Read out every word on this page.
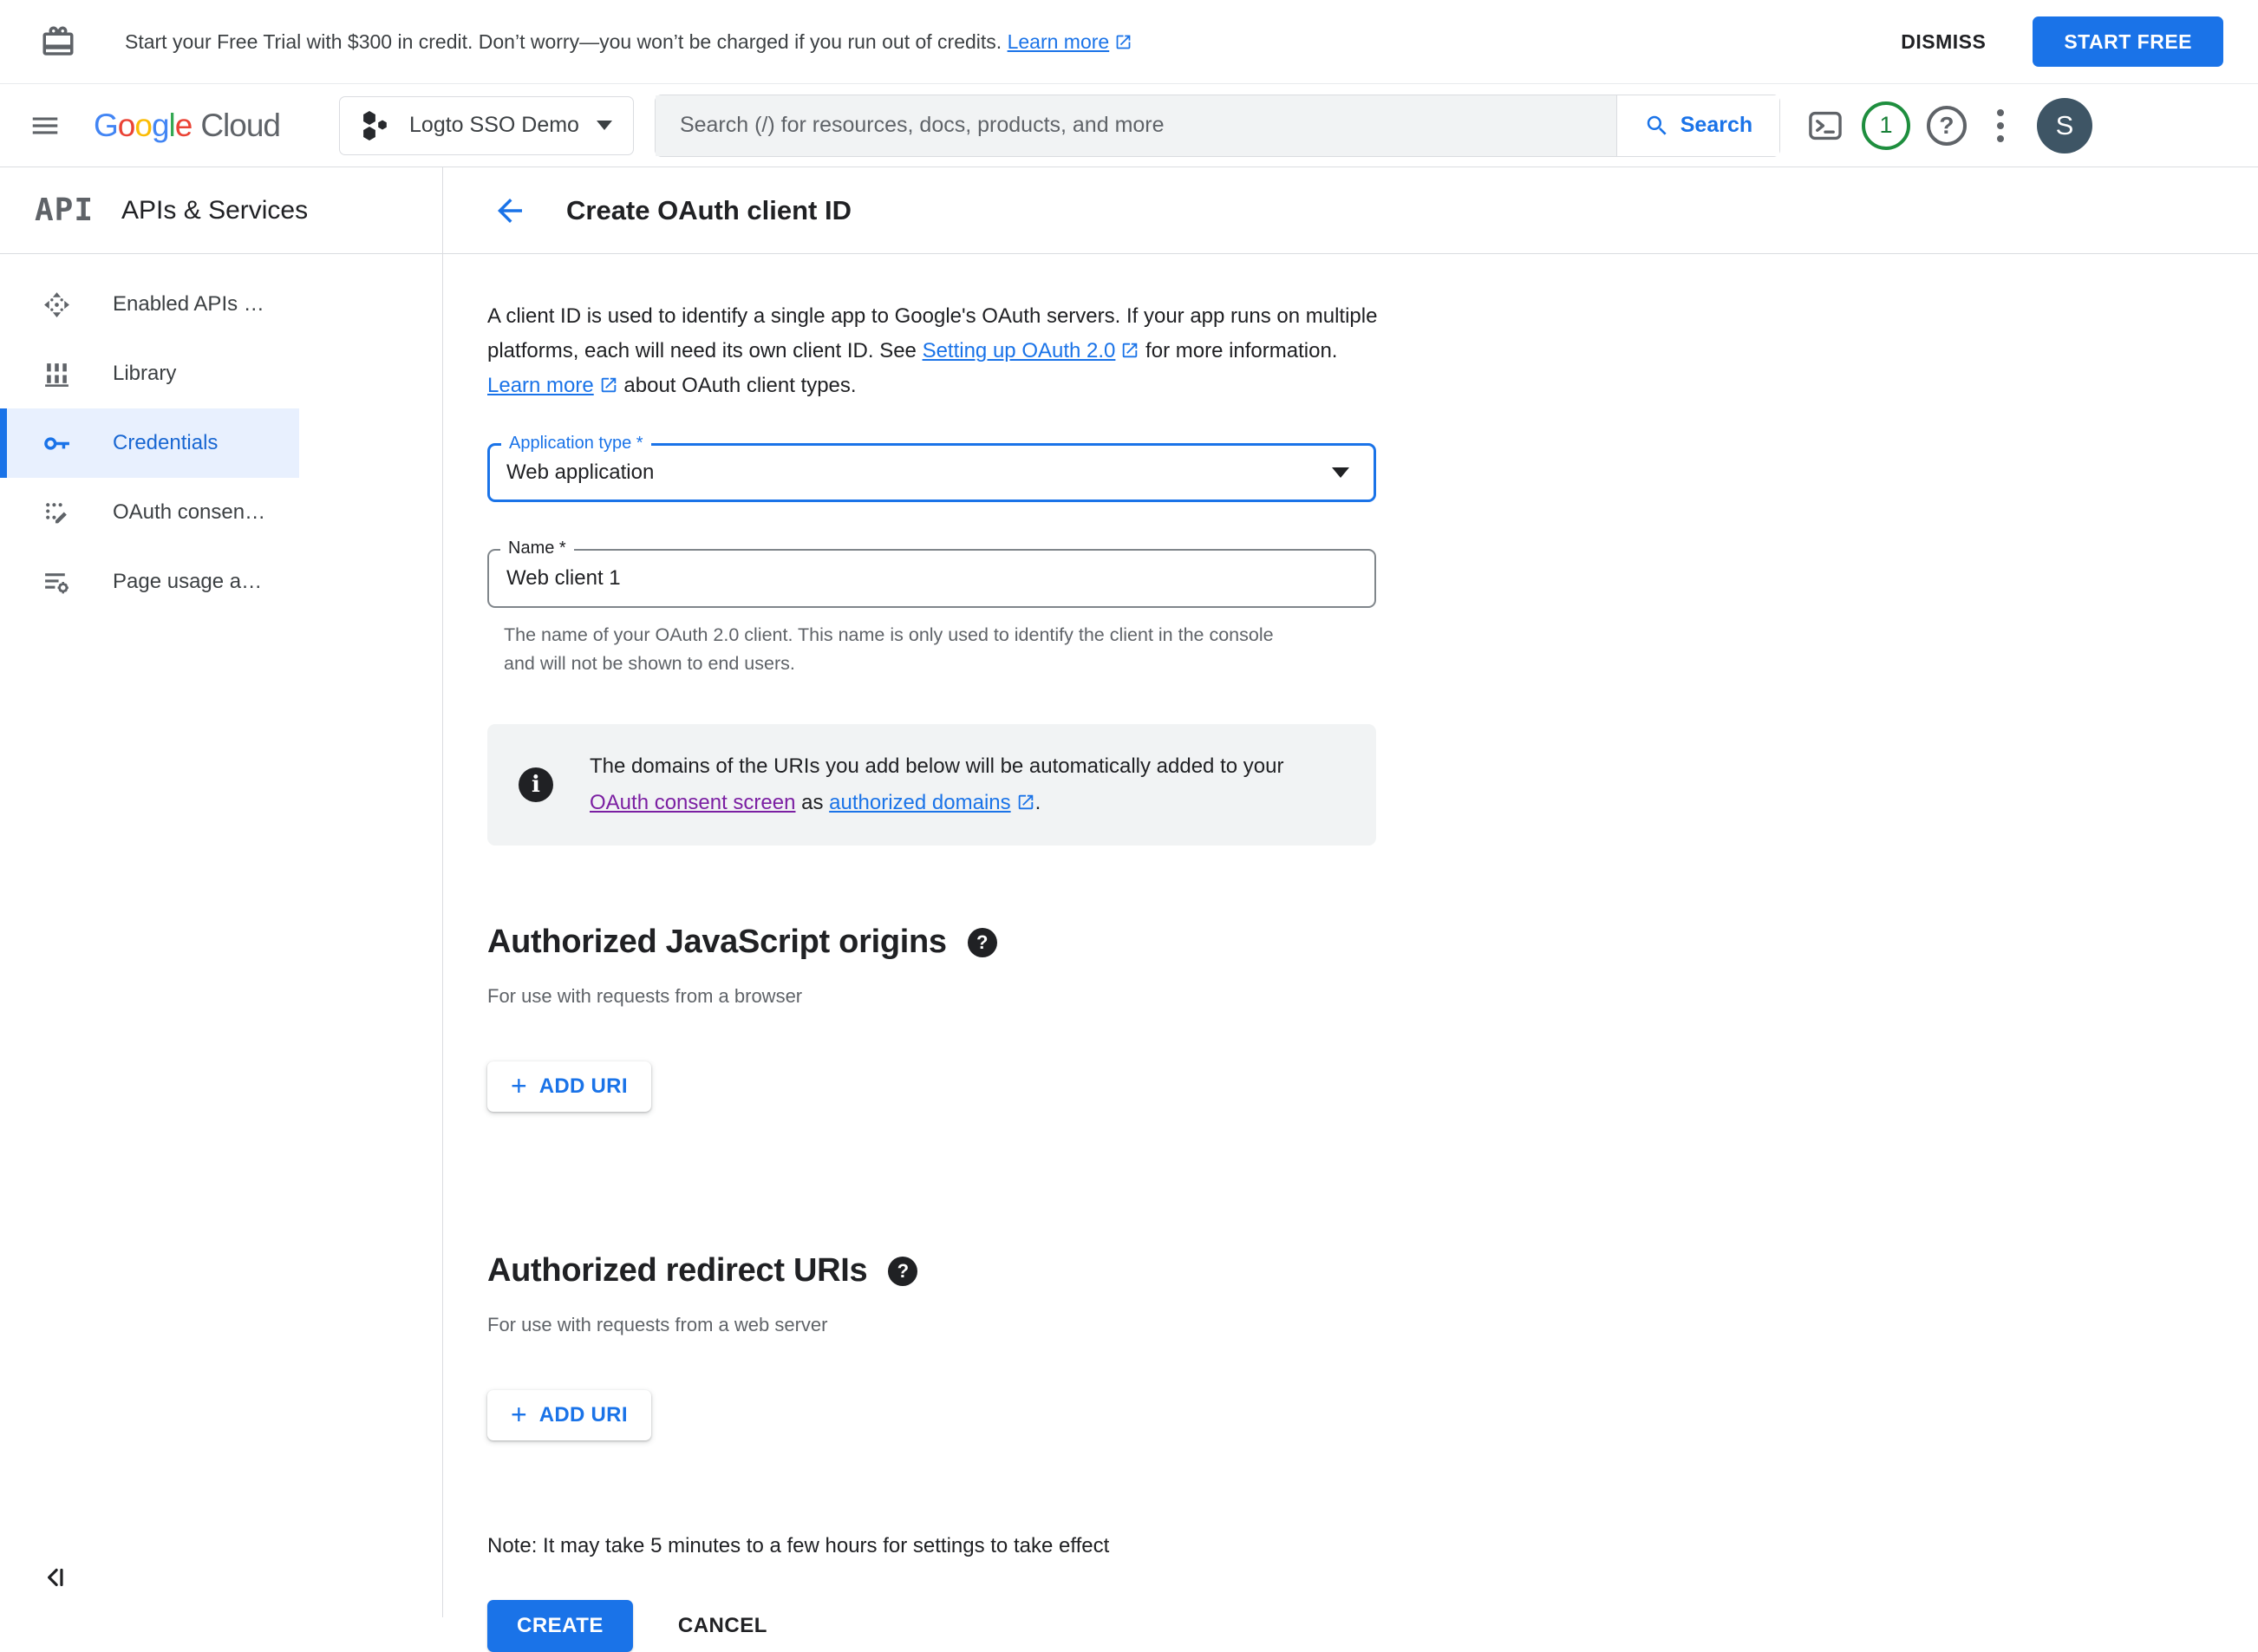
Start your Free Trial with $300 in credit. Don’t worry—you won’t be charged if you run out of credits. Learn more	DISMISS	START FREE
Google Cloud	Logto SSO Demo
Search (/) for resources, docs, products, and more	Search	1	?	S
API APIs & Services	Create OAuth client ID
Enabled APIs …
Library
Credentials
OAuth consen…
Page usage a…

A client ID is used to identify a single app to Google's OAuth servers. If your app runs on multiple platforms, each will need its own client ID. See Setting up OAuth 2.0 for more information. Learn more about OAuth client types.

Application type *
Web application
Name *
Web client 1

The name of your OAuth 2.0 client. This name is only used to identify the client in the console and will not be shown to end users.

i

The domains of the URIs you add below will be automatically added to your OAuth consent screen as authorized domains .

Authorized JavaScript origins	?

For use with requests from a browser

+ ADD URI
Authorized redirect URIs	?

For use with requests from a web server

+ ADD URI

Note: It may take 5 minutes to a few hours for settings to take effect

CREATE	CANCEL
